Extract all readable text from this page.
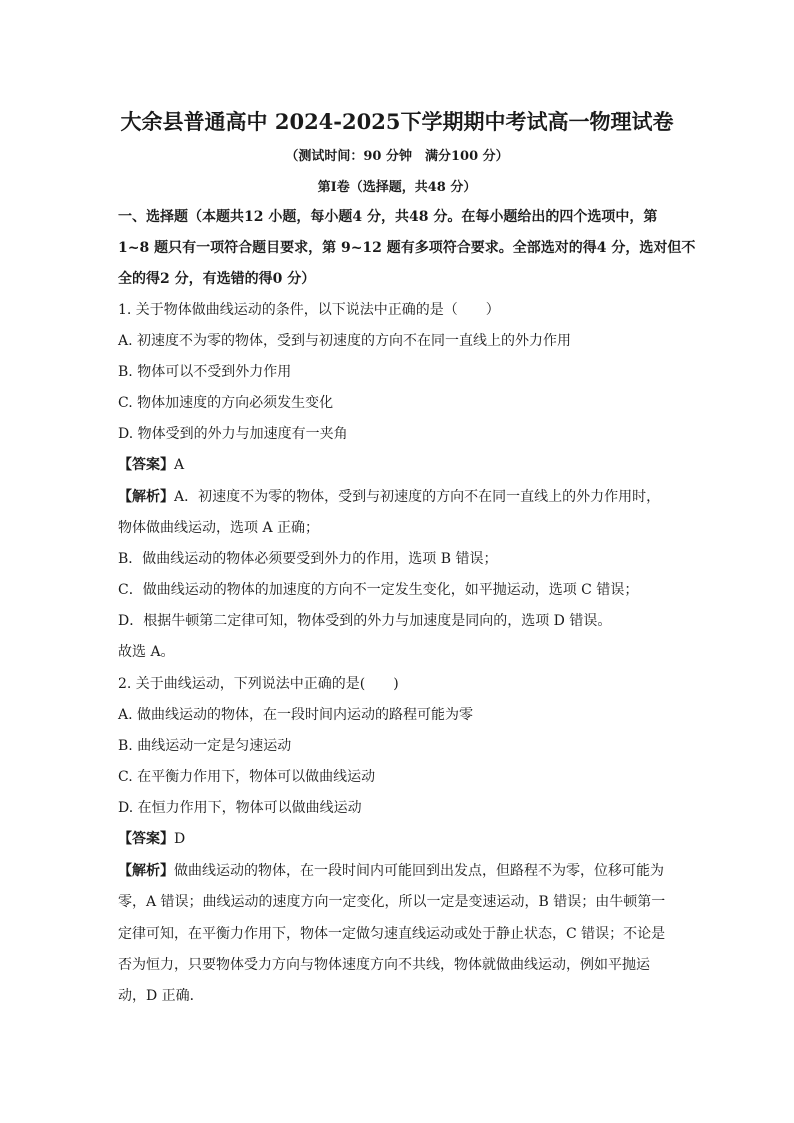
大余县普通高中 2024-2025下学期期中考试高一物理试卷
（测试时间：90 分钟　满分100 分）
第Ⅰ卷（选择题，共48 分）
一、选择题（本题共12 小题，每小题4 分，共48 分。在每小题给出的四个选项中，第
1~8 题只有一项符合题目要求，第 9~12 题有多项符合要求。全部选对的得4 分，选对但不
全的得2 分，有选错的得0 分）
1. 关于物体做曲线运动的条件，以下说法中正确的是（　　）
A. 初速度不为零的物体，受到与初速度的方向不在同一直线上的外力作用
B. 物体可以不受到外力作用
C. 物体加速度的方向必须发生变化
D. 物体受到的外力与加速度有一夹角
【答案】A
【解析】A．初速度不为零的物体，受到与初速度的方向不在同一直线上的外力作用时，
物体做曲线运动，选项 A 正确；
B．做曲线运动的物体必须要受到外力的作用，选项 B 错误；
C．做曲线运动的物体的加速度的方向不一定发生变化，如平抛运动，选项 C 错误；
D．根据牛顿第二定律可知，物体受到的外力与加速度是同向的，选项 D 错误。
故选 A。
2. 关于曲线运动，下列说法中正确的是(　　)
A. 做曲线运动的物体，在一段时间内运动的路程可能为零
B. 曲线运动一定是匀速运动
C. 在平衡力作用下，物体可以做曲线运动
D. 在恒力作用下，物体可以做曲线运动
【答案】D
【解析】做曲线运动的物体，在一段时间内可能回到出发点，但路程不为零，位移可能为
零，A 错误；曲线运动的速度方向一定变化，所以一定是变速运动，B 错误；由牛顿第一
定律可知，在平衡力作用下，物体一定做匀速直线运动或处于静止状态，C 错误；不论是
否为恒力，只要物体受力方向与物体速度方向不共线，物体就做曲线运动，例如平抛运
动，D 正确．
